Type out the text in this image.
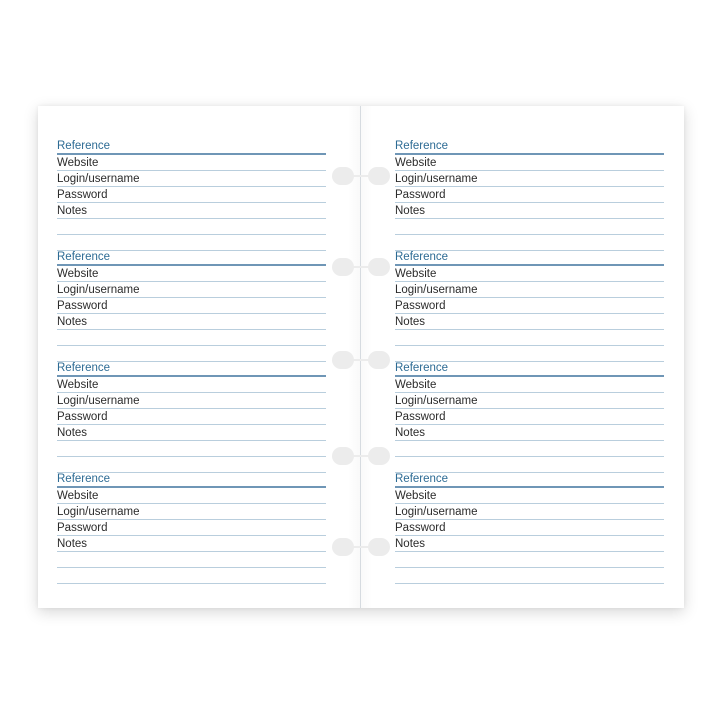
Reference
Website
Login/username
Password
Notes
Reference
Website
Login/username
Password
Notes
Reference
Website
Login/username
Password
Notes
Reference
Website
Login/username
Password
Notes
Reference
Website
Login/username
Password
Notes
Reference
Website
Login/username
Password
Notes
Reference
Website
Login/username
Password
Notes
Reference
Website
Login/username
Password
Notes
